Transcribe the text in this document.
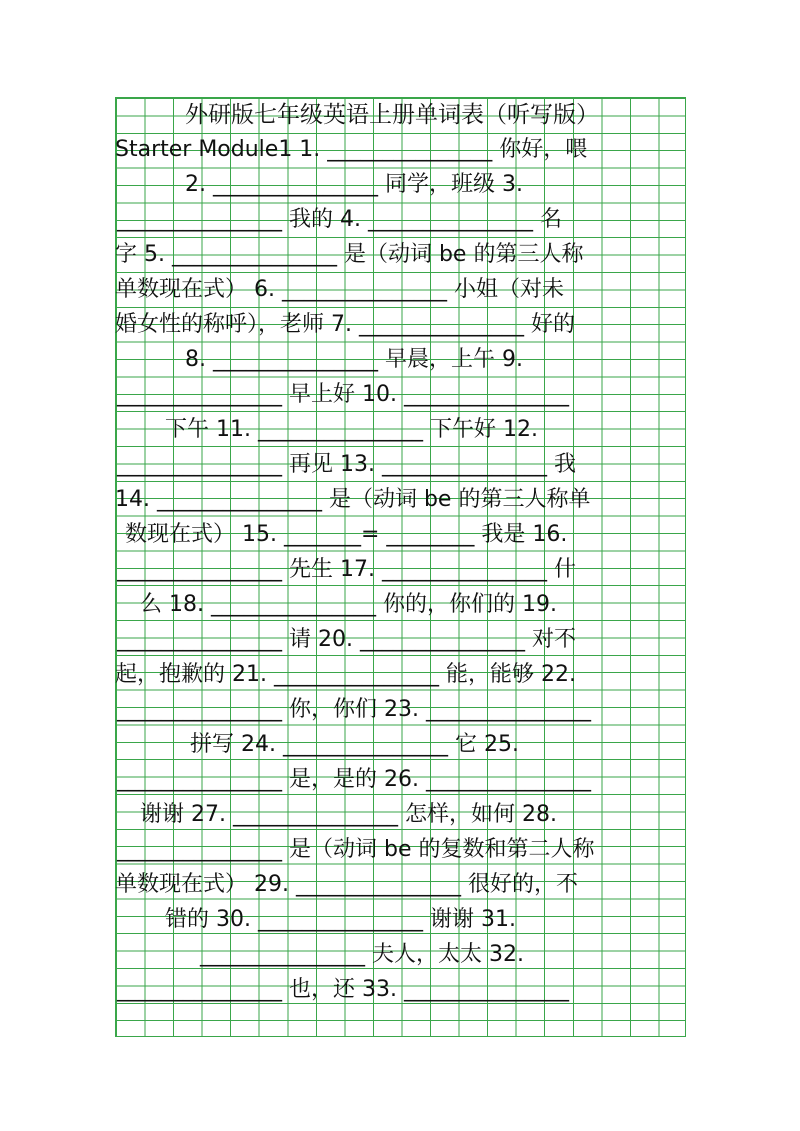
外研版七年级英语上册单词表（听写版）
Starter Module1 1. _______________ 你好，喂
2. _______________ 同学，班级 3.
_______________ 我的 4. _______________ 名
字 5. _______________ 是（动词 be 的第三人称
单数现在式） 6. _______________ 小姐（对未
婚女性的称呼），老师 7. _______________ 好的
8. _______________ 早晨，上午 9.
_______________ 早上好 10. _______________
下午 11. _______________ 下午好 12.
_______________ 再见 13. _______________ 我
14. _______________ 是（动词 be 的第三人称单
数现在式） 15. _______= ________ 我是 16.
_______________ 先生 17. _______________ 什
么 18. _______________ 你的，你们的 19.
_______________ 请 20. _______________ 对不
起，抱歉的 21. _______________ 能，能够 22.
_______________ 你，你们 23. _______________
拼写 24. _______________ 它 25.
_______________ 是，是的 26. _______________
谢谢 27. _______________ 怎样，如何 28.
_______________ 是（动词 be 的复数和第二人称
单数现在式） 29. _______________ 很好的，不
错的 30. _______________ 谢谢 31.
_______________ 夫人，太太 32.
_______________ 也，还 33. _______________
